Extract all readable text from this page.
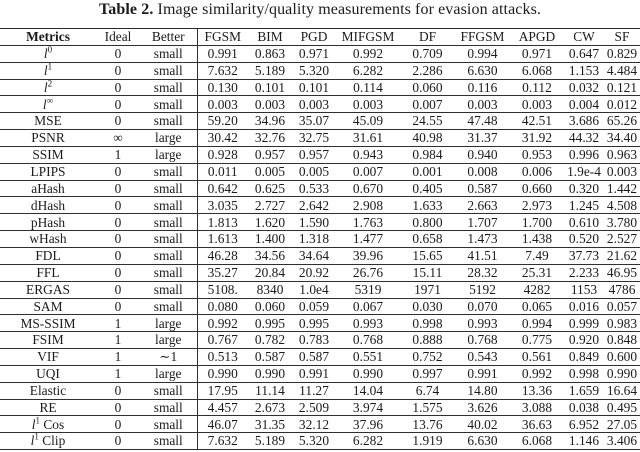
Table 2. Image similarity/quality measurements for evasion attacks.
Metrics	Ideal	Better	FGSM	BIM	PGD	MIFGSM	DF	FFGSM	APGD	CW	SF
$l^0$	0	small	0.991	0.863	0.971	0.992	0.709	0.994	0.971	0.647	0.829
$l^1$	0	small	7.632	5.189	5.320	6.282	2.286	6.630	6.068	1.153	4.484
$l^2$	0	small	0.130	0.101	0.101	0.114	0.060	0.116	0.112	0.032	0.121
l∞	0	small	0.003	0.003	0.003	0.003	0.007	0.003	0.003	0.004	0.012
MSE	0	small	59.20	34.96	35.07	45.09	24.55	47.48	42.51	3.686	65.26
PSNR	∞	large	30.42	32.76	32.75	31.61	40.98	31.37	31.92	44.32	34.40
SSIM	1	large	0.928	0.957	0.957	0.943	0.984	0.940	0.953	0.996	0.963
LPIPS	0	small	0.011	0.005	0.005	0.007	0.001	0.008	0.006	1.9e-4	0.003
aHash	0	small	0.642	0.625	0.533	0.670	0.405	0.587	0.660	0.320	1.442
dHash	0	small	3.035	2.727	2.642	2.908	1.633	2.663	2.973	1.245	4.508
pHash	0	small	1.813	1.620	1.590	1.763	0.800	1.707	1.700	0.610	3.780
wHash	0	small	1.613	1.400	1.318	1.477	0.658	1.473	1.438	0.520	2.527
FDL	0	small	46.28	34.56	34.64	39.96	15.65	41.51	7.49	37.73	21.62
FFL	0	small	35.27	20.84	20.92	26.76	15.11	28.32	25.31	2.233	46.95
ERGAS	0	small	5108.	8340	1.0e4	5319	1971	5192	4282	1153	4786
SAM	0	small	0.080	0.060	0.059	0.067	0.030	0.070	0.065	0.016	0.057
MS-SSIM	1	large	0.992	0.995	0.995	0.993	0.998	0.993	0.994	0.999	0.983
FSIM	1	large	0.767	0.782	0.783	0.768	0.888	0.768	0.775	0.920	0.848
VIF	1	∼1	0.513	0.587	0.587	0.551	0.752	0.543	0.561	0.849	0.600
UQI	1	large	0.990	0.990	0.991	0.990	0.997	0.991	0.992	0.998	0.990
Elastic	0	small	17.95	11.14	11.27	14.04	6.74	14.80	13.36	1.659	16.64
RE	0	small	4.457	2.673	2.509	3.974	1.575	3.626	3.088	0.038	0.495
$l^1$ Cos	0	small	46.07	31.35	32.12	37.96	13.76	40.02	36.63	6.952	27.05
$l^1$ Clip	0	small	7.632	5.189	5.320	6.282	1.919	6.630	6.068	1.146	3.406
